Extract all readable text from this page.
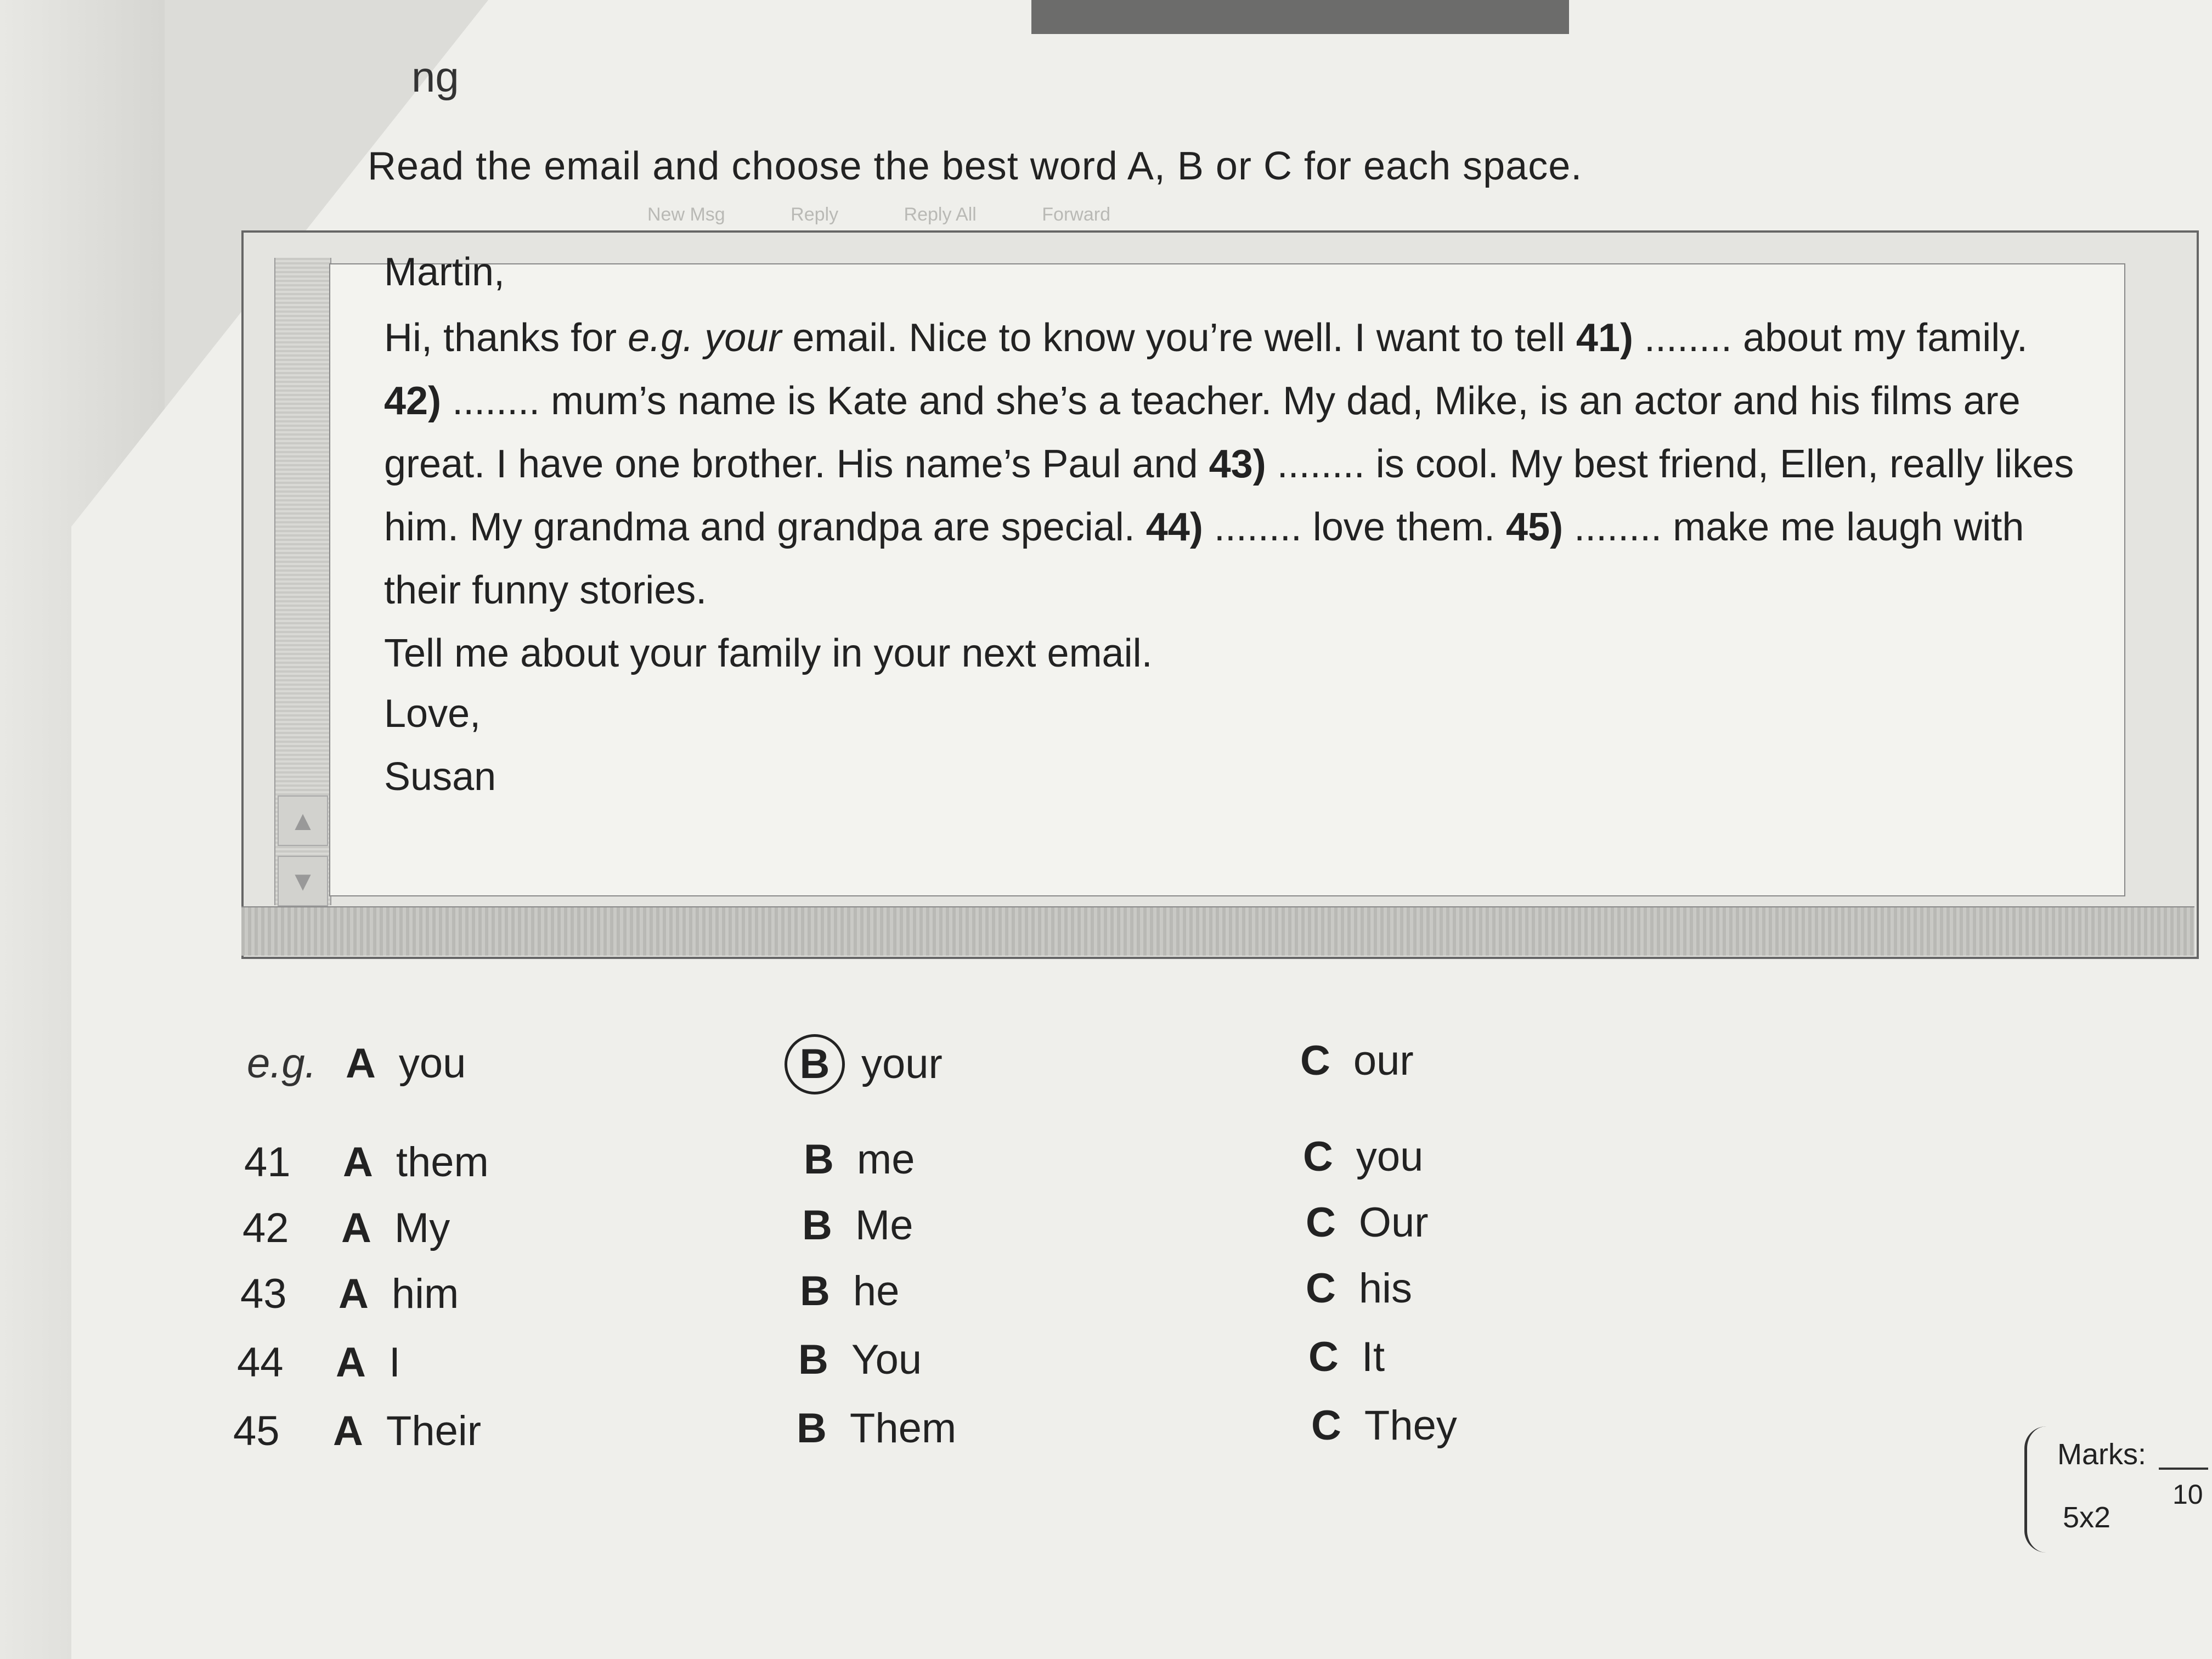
ng
Read the email and choose the best word A, B or C for each space.
New Msg	Reply	Reply All	Forward
▲
▼
Martin,
Hi, thanks for e.g. your email. Nice to know you’re well. I want to tell 41) ........ about my family.
42) ........ mum’s name is Kate and she’s a teacher. My dad, Mike, is an actor and his films are
great. I have one brother. His name’s Paul and 43) ........ is cool. My best friend, Ellen, really likes
him. My grandma and grandpa are special. 44) ........ love them. 45) ........ make me laugh with
their funny stories.
Tell me about your family in your next email.
Love,
Susan
e.g. A you	B your	C our
41 A them	B me	C you
42 A My	B Me	C Our
43 A him	B he	C his
44 A I	B You	C It
45 A Their	B Them	C They
Marks:
10
5x2
